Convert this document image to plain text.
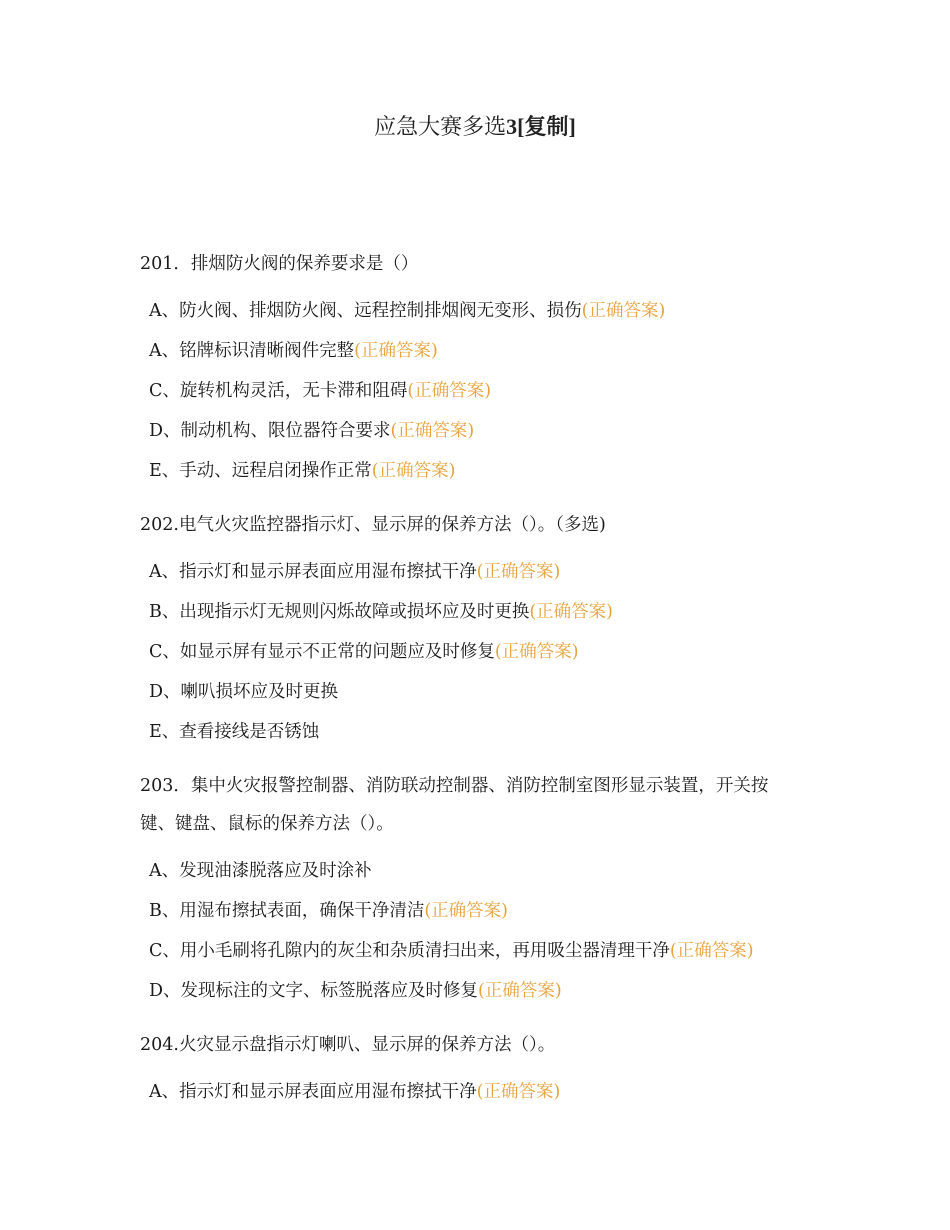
应急大赛多选3[复制]

201．排烟防火阀的保养要求是（）

A、防火阀、排烟防火阀、远程控制排烟阀无变形、损伤(正确答案)

A、铭牌标识清晰阀件完整(正确答案)

C、旋转机构灵活，无卡滞和阻碍(正确答案)

D、制动机构、限位器符合要求(正确答案)

E、手动、远程启闭操作正常(正确答案)

202.电气火灾监控器指示灯、显示屏的保养方法（）。（多选)

A、指示灯和显示屏表面应用湿布擦拭干净(正确答案)

B、出现指示灯无规则闪烁故障或损坏应及时更换(正确答案)

C、如显示屏有显示不正常的问题应及时修复(正确答案)

D、喇叭损坏应及时更换

E、查看接线是否锈蚀

203．集中火灾报警控制器、消防联动控制器、消防控制室图形显示装置，开关按

键、键盘、鼠标的保养方法（）。

A、发现油漆脱落应及时涂补

B、用湿布擦拭表面，确保干净清洁(正确答案)

C、用小毛刷将孔隙内的灰尘和杂质清扫出来，再用吸尘器清理干净(正确答案)

D、发现标注的文字、标签脱落应及时修复(正确答案)

204.火灾显示盘指示灯喇叭、显示屏的保养方法（）。

A、指示灯和显示屏表面应用湿布擦拭干净(正确答案)
